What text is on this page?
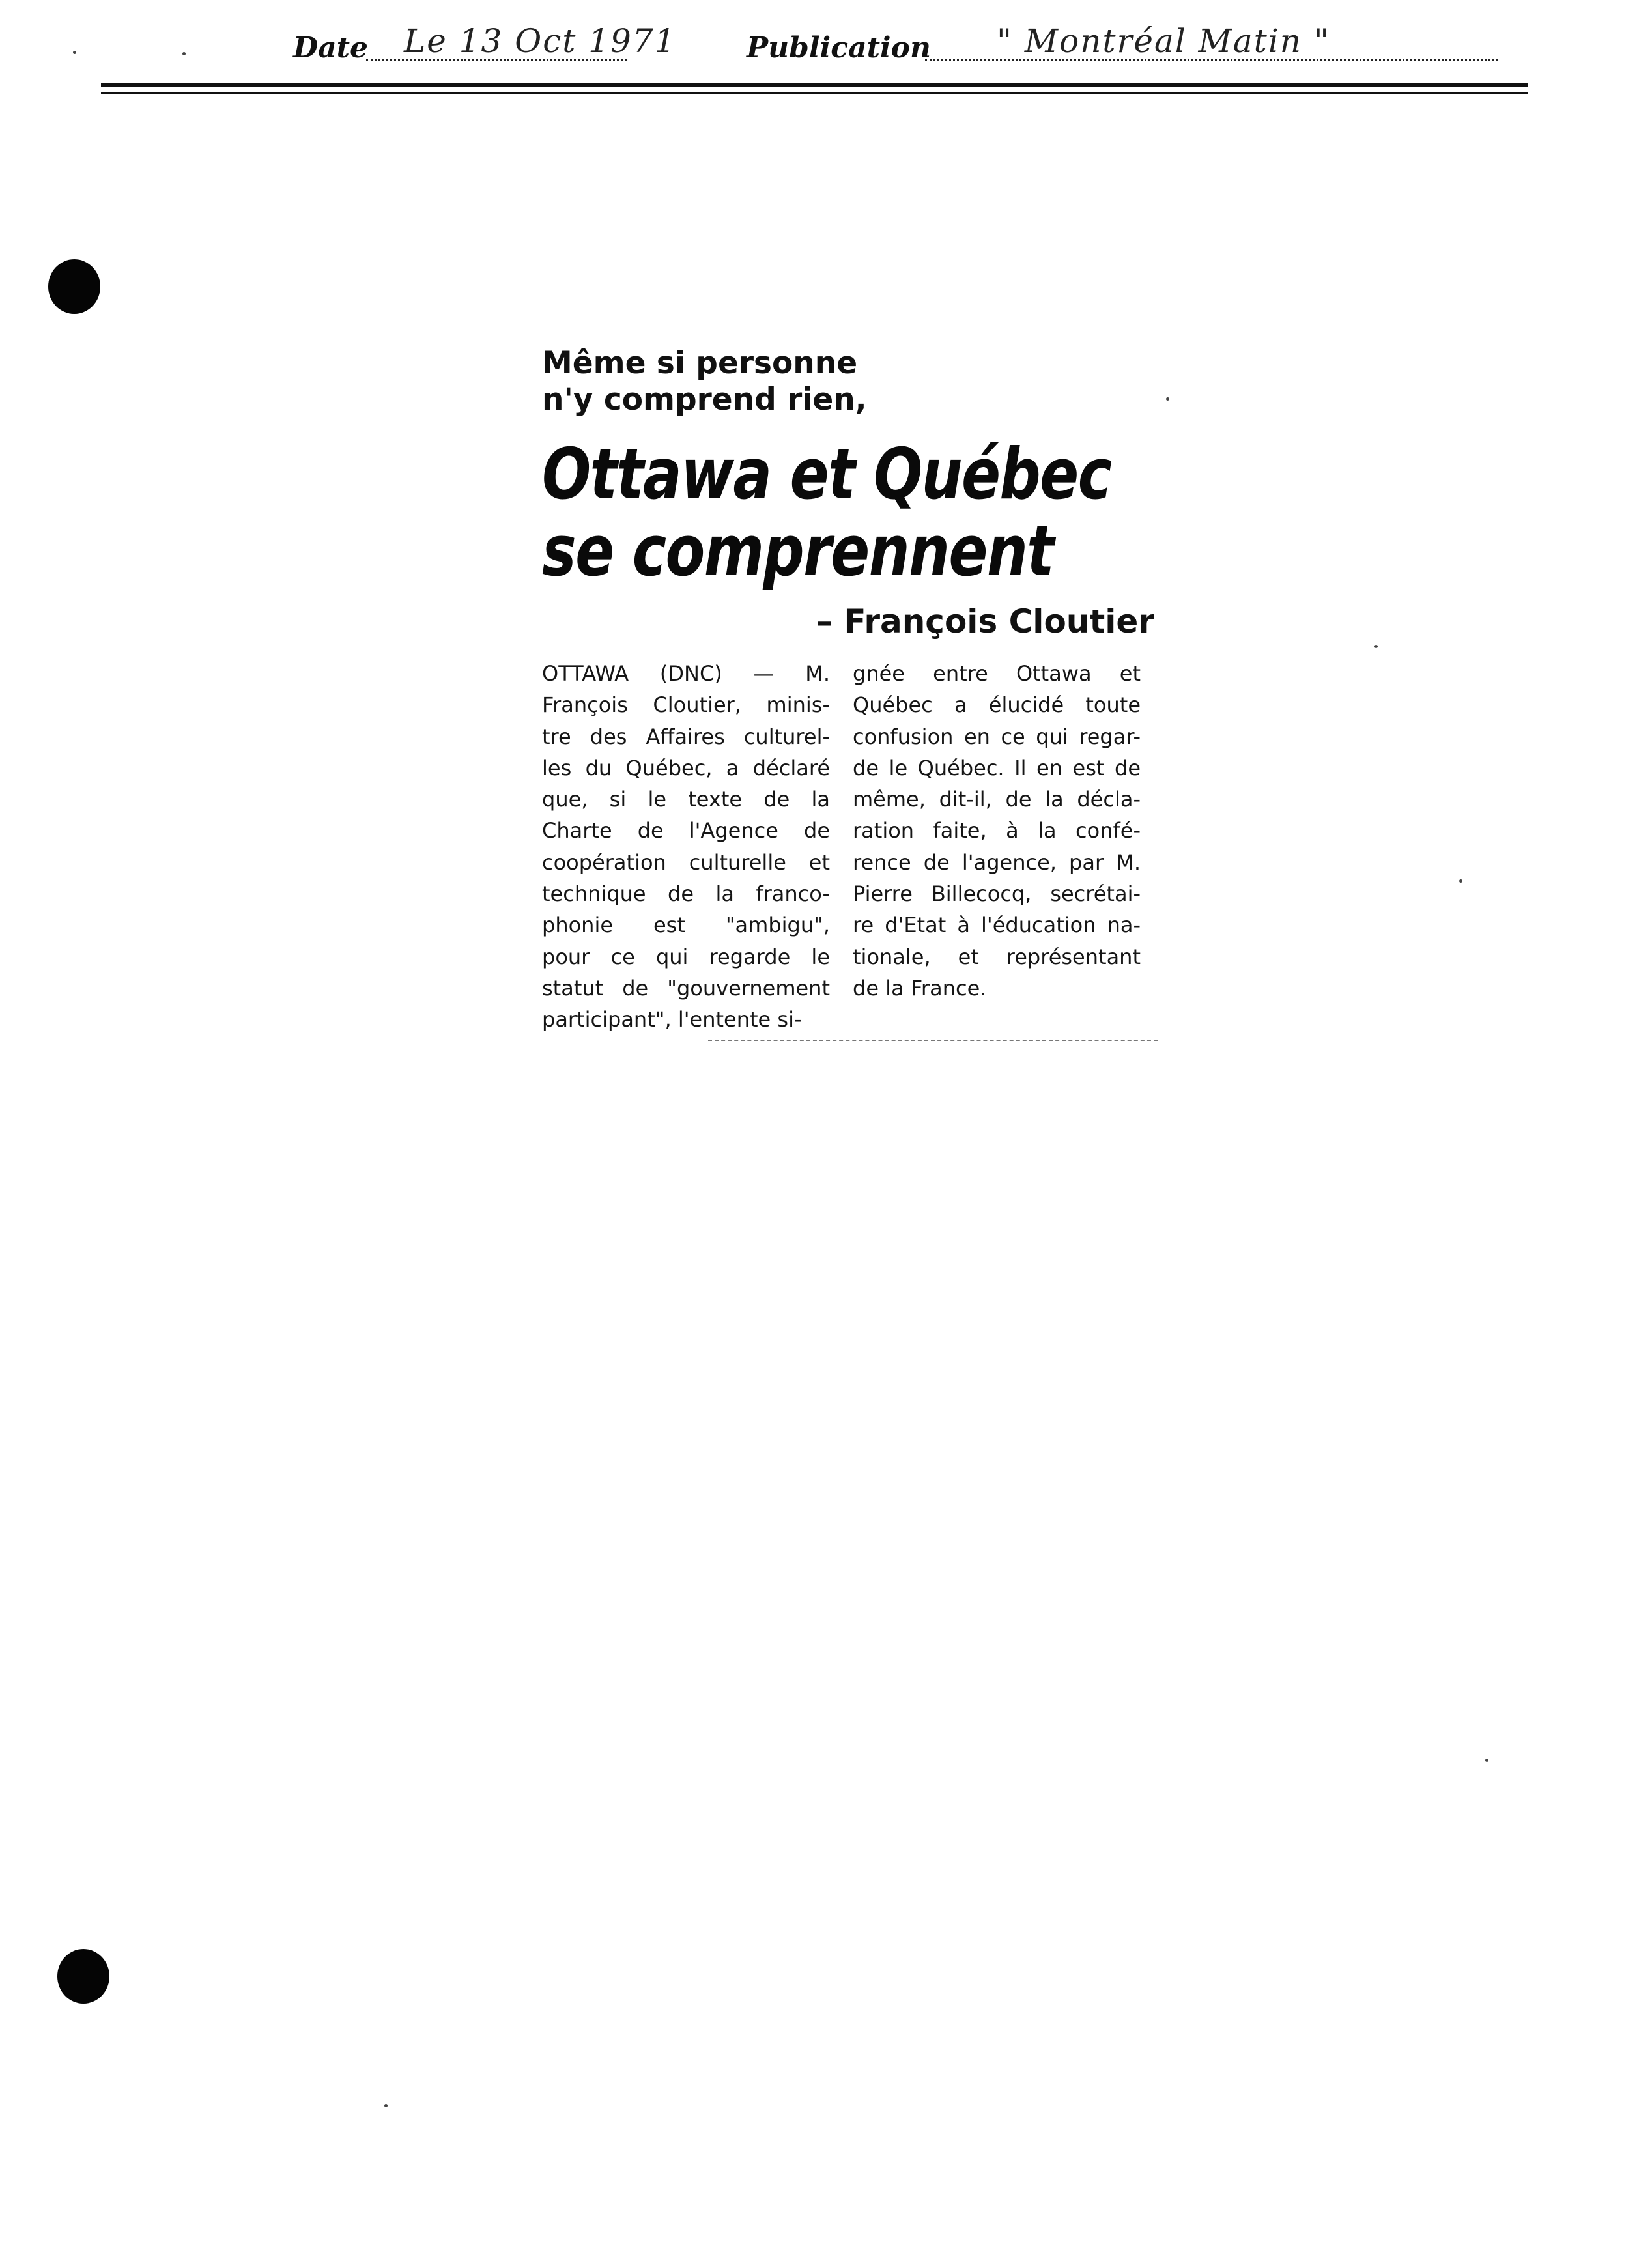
Date Le 13 Oct 1971 Publication " Montréal Matin "

Même si personne
n'y comprend rien,

Ottawa et Québec
se comprennent
– François Cloutier
OTTAWA (DNC) — M.
François Cloutier, minis-
tre des Affaires culturel-
les du Québec, a déclaré
que, si le texte de la
Charte de l'Agence de
coopération culturelle et
technique de la franco-
phonie est "ambigu",
pour ce qui regarde le
statut de "gouvernement
participant", l'entente si-
gnée entre Ottawa et
Québec a élucidé toute
confusion en ce qui regar-
de le Québec. Il en est de
même, dit-il, de la décla-
ration faite, à la confé-
rence de l'agence, par M.
Pierre Billecocq, secrétai-
re d'Etat à l'éducation na-
tionale, et représentant
de la France.
